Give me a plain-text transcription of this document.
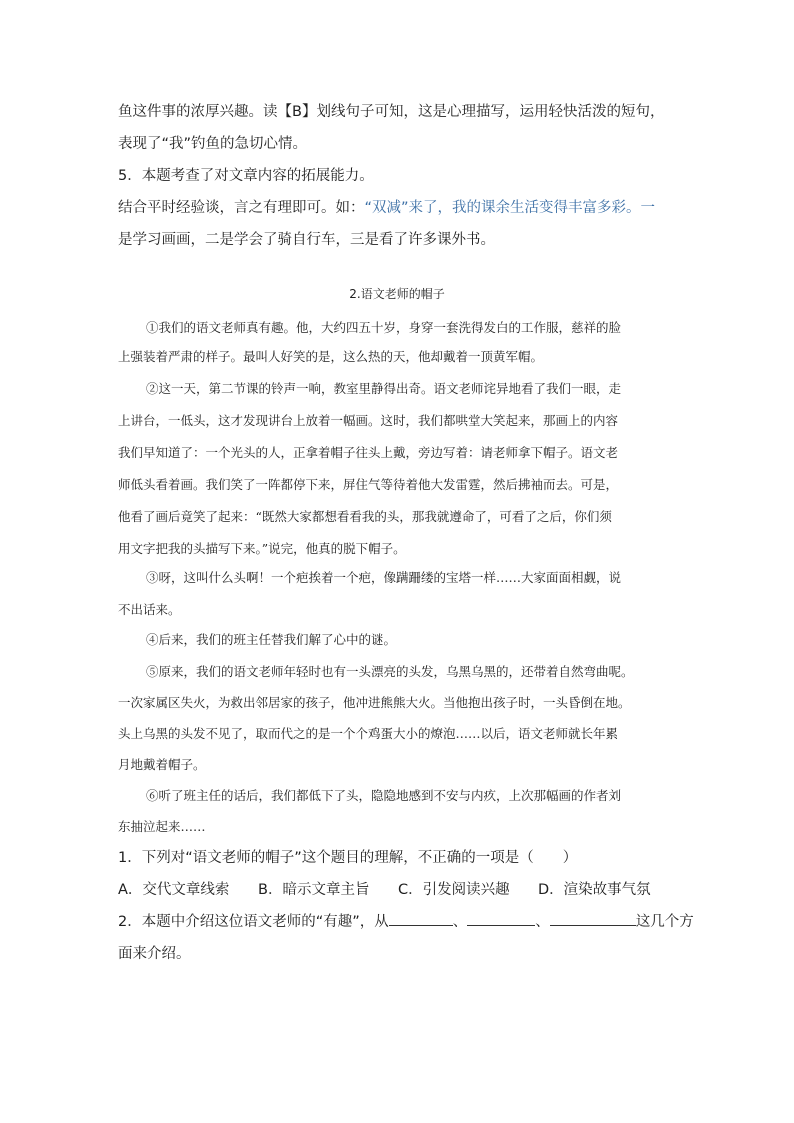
鱼这件事的浓厚兴趣。读【B】划线句子可知，这是心理描写，运用轻快活泼的短句，

表现了“我”钓鱼的急切心情。

5．本题考查了对文章内容的拓展能力。

结合平时经验谈，言之有理即可。如：“双减”来了，我的课余生活变得丰富多彩。一

是学习画画，二是学会了骑自行车，三是看了许多课外书。

2.语文老师的帽子

①我们的语文老师真有趣。他，大约四五十岁，身穿一套洗得发白的工作服，慈祥的脸

上强装着严肃的样子。最叫人好笑的是，这么热的天，他却戴着一顶黄军帽。

②这一天，第二节课的铃声一响，教室里静得出奇。语文老师诧异地看了我们一眼，走

上讲台，一低头，这才发现讲台上放着一幅画。这时，我们都哄堂大笑起来，那画上的内容

我们早知道了：一个光头的人，正拿着帽子往头上戴，旁边写着：请老师拿下帽子。语文老

师低头看着画。我们笑了一阵都停下来，屏住气等待着他大发雷霆，然后拂袖而去。可是，

他看了画后竟笑了起来：“既然大家都想看看我的头，那我就遵命了，可看了之后，你们须

用文字把我的头描写下来。”说完，他真的脱下帽子。

③呀，这叫什么头啊！一个疤挨着一个疤，像蹒跚缕的宝塔一样……大家面面相觑，说

不出话来。

④后来，我们的班主任替我们解了心中的谜。

⑤原来，我们的语文老师年轻时也有一头漂亮的头发，乌黑乌黑的，还带着自然弯曲呢。

一次家属区失火，为救出邻居家的孩子，他冲进熊熊大火。当他抱出孩子时，一头昏倒在地。

头上乌黑的头发不见了，取而代之的是一个个鸡蛋大小的燎泡……以后，语文老师就长年累

月地戴着帽子。

⑥听了班主任的话后，我们都低下了头，隐隐地感到不安与内疚，上次那幅画的作者刘

东抽泣起来……

1．下列对“语文老师的帽子”这个题目的理解，不正确的一项是（　　）

A．交代文章线索 B．暗示文章主旨 C．引发阅读兴趣 D．渲染故事气氛

2．本题中介绍这位语文老师的“有趣”，从	、	、	这几个方

面来介绍。
